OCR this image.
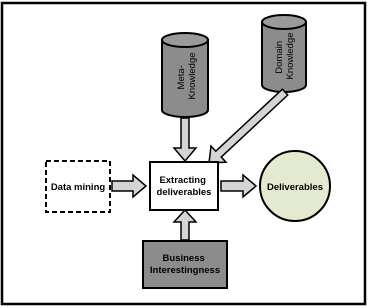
Meta- Knowledge	Domain Knowledge
Data mining
Extracting deliverables	Deliverables
Business Interestingness
